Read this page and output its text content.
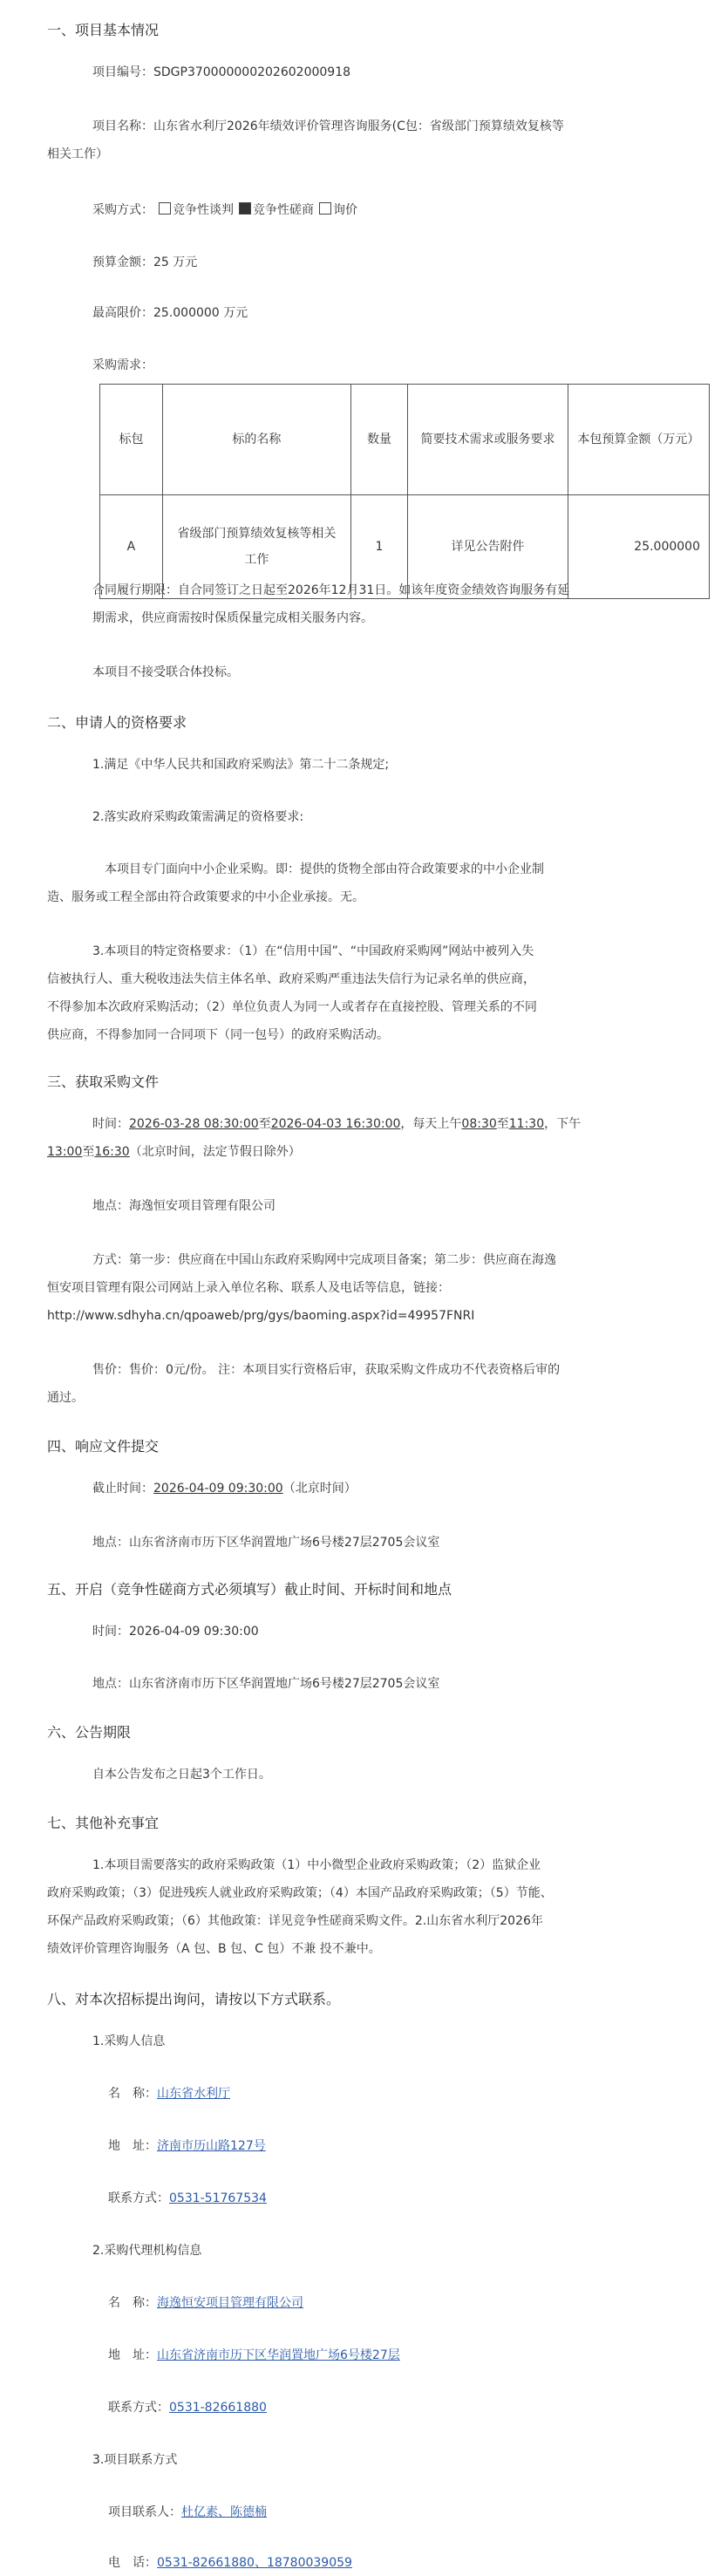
一、项目基本情况

项目编号：SDGP370000000202602000918

项目名称：山东省水利厅2026年绩效评价管理咨询服务(C包：省级部门预算绩效复核等

相关工作）

采购方式： 竞争性谈判 竞争性磋商 询价

预算金额：25 万元

最高限价：25.000000 万元

采购需求：

标包	标的名称	数量	简要技术需求或服务要求	本包预算金额（万元）
A	省级部门预算绩效复核等相关工作	1	详见公告附件	25.000000

合同履行期限：自合同签订之日起至2026年12月31日。如该年度资金绩效咨询服务有延

期需求，供应商需按时保质保量完成相关服务内容。

本项目不接受联合体投标。

二、申请人的资格要求

1.满足《中华人民共和国政府采购法》第二十二条规定;

2.落实政府采购政策需满足的资格要求:

本项目专门面向中小企业采购。即：提供的货物全部由符合政策要求的中小企业制

造、服务或工程全部由符合政策要求的中小企业承接。无。

3.本项目的特定资格要求：（1）在“信用中国”、“中国政府采购网”网站中被列入失

信被执行人、重大税收违法失信主体名单、政府采购严重违法失信行为记录名单的供应商，

不得参加本次政府采购活动；（2）单位负责人为同一人或者存在直接控股、管理关系的不同

供应商，不得参加同一合同项下（同一包号）的政府采购活动。

三、获取采购文件

时间：2026-03-28 08:30:00至2026-04-03 16:30:00，每天上午08:30至11:30，下午

13:00至16:30（北京时间，法定节假日除外）

地点：海逸恒安项目管理有限公司

方式：第一步：供应商在中国山东政府采购网中完成项目备案；第二步：供应商在海逸

恒安项目管理有限公司网站上录入单位名称、联系人及电话等信息，链接：

http://www.sdhyha.cn/qpoaweb/prg/gys/baoming.aspx?id=49957FNRI

售价：售价：0元/份。 注：本项目实行资格后审，获取采购文件成功不代表资格后审的

通过。

四、响应文件提交

截止时间：2026-04-09 09:30:00（北京时间）

地点：山东省济南市历下区华润置地广场6号楼27层2705会议室

五、开启（竞争性磋商方式必须填写）截止时间、开标时间和地点

时间：2026-04-09 09:30:00

地点：山东省济南市历下区华润置地广场6号楼27层2705会议室

六、公告期限

自本公告发布之日起3个工作日。

七、其他补充事宜

1.本项目需要落实的政府采购政策（1）中小微型企业政府采购政策；（2）监狱企业

政府采购政策；（3）促进残疾人就业政府采购政策；（4）本国产品政府采购政策；（5）节能、

环保产品政府采购政策；（6）其他政策：详见竞争性磋商采购文件。2.山东省水利厅2026年

绩效评价管理咨询服务（A 包、B 包、C 包）不兼 投不兼中。

八、对本次招标提出询问，请按以下方式联系。

1.采购人信息

名　称：山东省水利厅

地　址：济南市历山路127号

联系方式：0531-51767534

2.采购代理机构信息

名　称：海逸恒安项目管理有限公司

地　址：山东省济南市历下区华润置地广场6号楼27层

联系方式：0531-82661880

3.项目联系方式

项目联系人：杜亿素、陈德楠

电　话：0531-82661880、18780039059
